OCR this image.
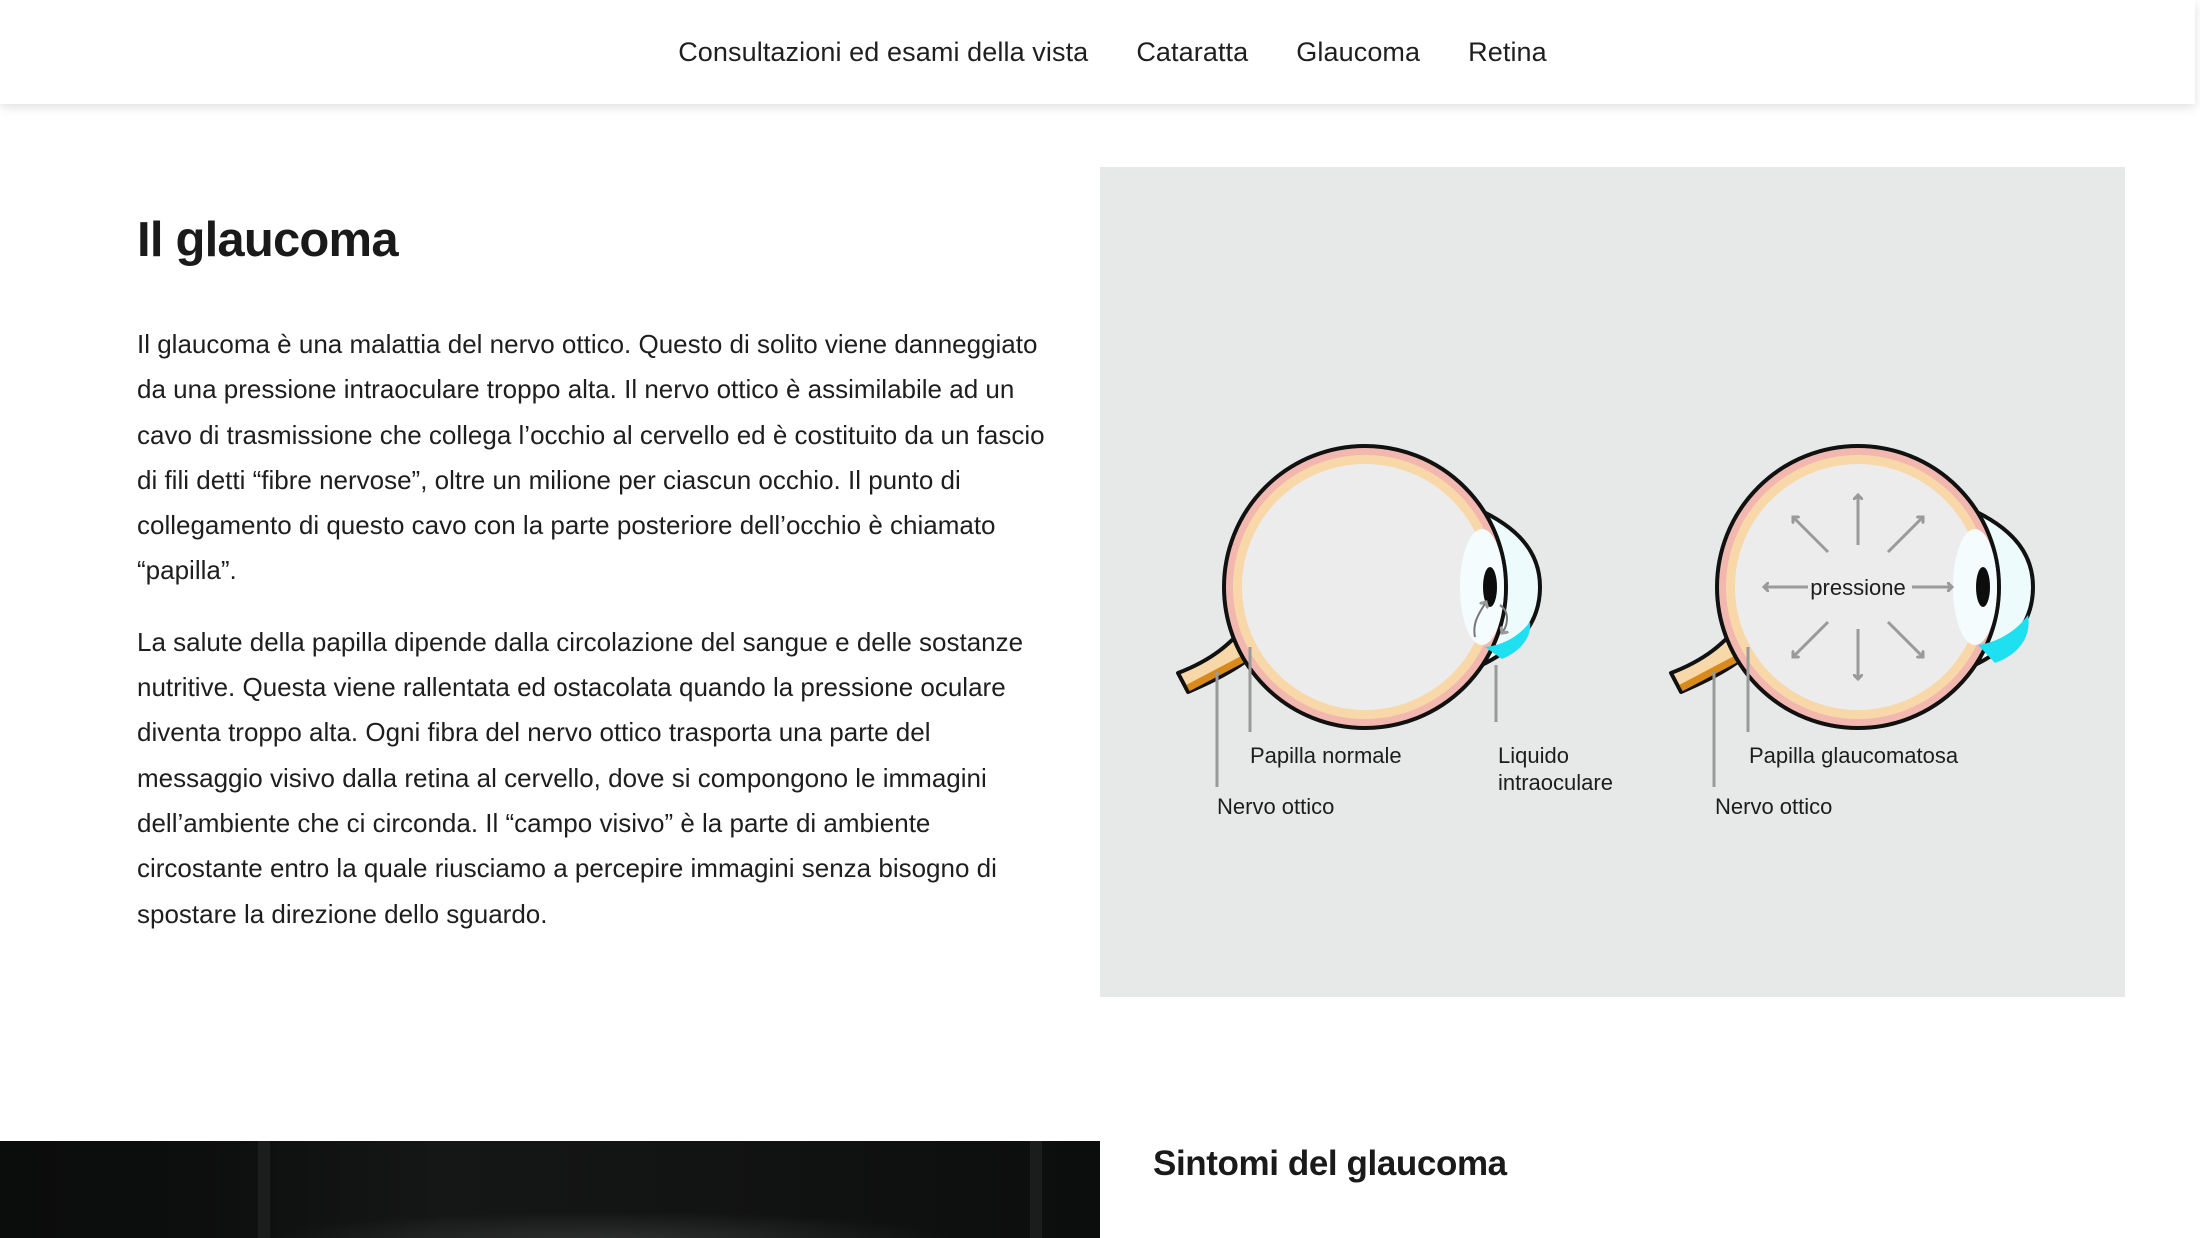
Consultazioni ed esami della vista Cataratta Glaucoma Retina
Il glaucoma

Il glaucoma è una malattia del nervo ottico. Questo di solito viene danneggiato da una pressione intraoculare troppo alta. Il nervo ottico è assimilabile ad un cavo di trasmissione che collega l’occhio al cervello ed è costituito da un fascio di fili detti “fibre nervose”, oltre un milione per ciascun occhio. Il punto di collegamento di questo cavo con la parte posteriore dell’occhio è chiamato “papilla”.

La salute della papilla dipende dalla circolazione del sangue e delle sostanze nutritive. Questa viene rallentata ed ostacolata quando la pressione oculare diventa troppo alta. Ogni fibra del nervo ottico trasporta una parte del messaggio visivo dalla retina al cervello, dove si compongono le immagini dell’ambiente che ci circonda. Il “campo visivo” è la parte di ambiente circostante entro la quale riusciamo a percepire immagini senza bisogno di spostare la direzione dello sguardo.

Papilla normale	Liquido
intraoculare
Nervo ottico
pressione
Papilla glaucomatosa
Nervo ottico
Sintomi del glaucoma
